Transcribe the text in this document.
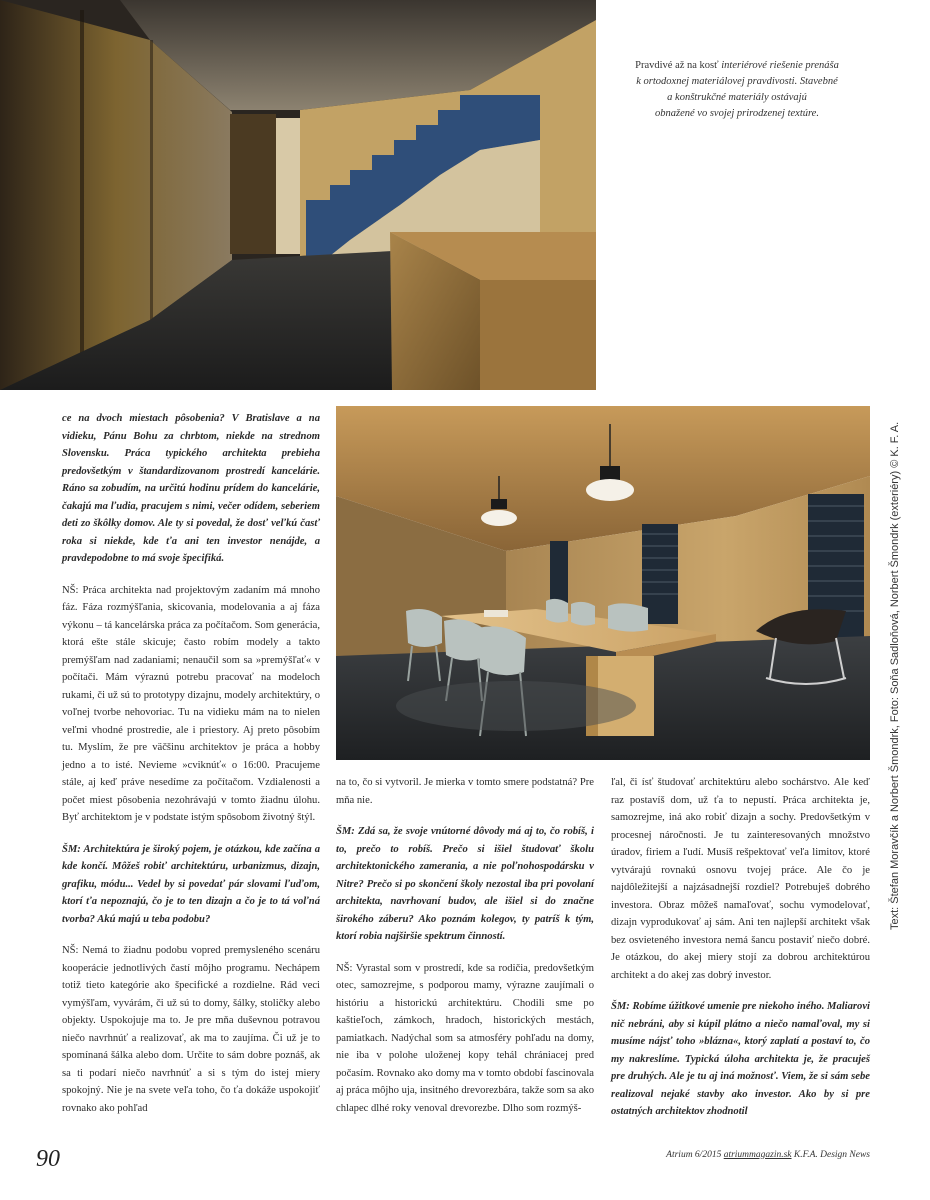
Pravdivé až na kosť interiérové riešenie prenáša
k ortodoxnej materiálovej pravdivosti. Stavebné
a konštrukčné materiály ostávajú
obnažené vo svojej prirodzenej textúre.
Text: Štefan Moravčík a Norbert Šmondrk, Foto: Soňa Sadloňová, Norbert Šmondrk (exteriéry) © K. F. A.

ce na dvoch miestach pôsobenia? V Bratislave a na vidieku, Pánu Bohu za chrbtom, niekde na strednom Slovensku. Práca typického architekta prebieha predovšetkým v štandardizovanom prostredí kancelárie. Ráno sa zobudím, na určitú hodinu prídem do kancelárie, čakajú ma ľudia, pracujem s nimi, večer odídem, seberiem deti zo škôlky domov. Ale ty si povedal, že dosť veľkú časť roka si niekde, kde ťa ani ten investor nenájde, a pravdepodobne to má svoje špecifiká.

NŠ: Práca architekta nad projektovým zadaním má mnoho fáz. Fáza rozmýšľania, skicovania, modelovania a aj fáza výkonu – tá kancelárska práca za počítačom. Som generácia, ktorá ešte stále skicuje; často robím modely a takto premýšľam nad zadaniami; nenaučil som sa »premýšľať« v počítači. Mám výraznú potrebu pracovať na modeloch rukami, či už sú to prototypy dizajnu, modely architektúry, o voľnej tvorbe nehovoriac. Tu na vidieku mám na to nielen veľmi vhodné prostredie, ale i priestory. Aj preto pôsobím tu. Myslím, že pre väčšinu architektov je práca a hobby jedno a to isté. Nevieme »cviknúť« o 16:00. Pracujeme stále, aj keď práve nesedíme za počítačom. Vzdialenosti a počet miest pôsobenia nezohrávajú v tomto žiadnu úlohu. Byť architektom je v podstate istým spôsobom životný štýl.

ŠM: Architektúra je široký pojem, je otázkou, kde začína a kde končí. Môžeš robiť architektúru, urbanizmus, dizajn, grafiku, módu... Vedel by si povedať pár slovami ľuďom, ktorí ťa nepoznajú, čo je to ten dizajn a čo je to tá voľná tvorba? Akú majú u teba podobu?

NŠ: Nemá to žiadnu podobu vopred premysleného scenáru kooperácie jednotlivých častí môjho programu. Nechápem totiž tieto kategórie ako špecifické a rozdielne. Rád veci vymýšľam, vyvárám, či už sú to domy, šálky, stoličky alebo objekty. Uspokojuje ma to. Je pre mňa duševnou potravou niečo navrhnúť a realizovať, ak ma to zaujíma. Či už je to spomínaná šálka alebo dom. Určite to sám dobre poznáš, ak sa ti podarí niečo navrhnúť a si s tým do istej miery spokojný. Nie je na svete veľa toho, čo ťa dokáže uspokojiť rovnako ako pohľad

na to, čo si vytvoril. Je mierka v tomto smere podstatná? Pre mňa nie.

ŠM: Zdá sa, že svoje vnútorné dôvody má aj to, čo robíš, i to, prečo to robíš. Prečo si išiel študovať školu architektonického zamerania, a nie poľnohospodársku v Nitre? Prečo si po skončení školy nezostal iba pri povolaní architekta, navrhovaní budov, ale išiel si do značne širokého záberu? Ako poznám kolegov, ty patríš k tým, ktorí robia najširšie spektrum činností.

NŠ: Vyrastal som v prostredí, kde sa rodičia, predovšetkým otec, samozrejme, s podporou mamy, výrazne zaujímali o históriu a historickú architektúru. Chodili sme po kaštieľoch, zámkoch, hradoch, historických mestách, pamiatkach. Nadýchal som sa atmosféry pohľadu na domy, nie iba v polohe uloženej kopy tehál chrániacej pred počasím. Rovnako ako domy ma v tomto období fascinovala aj práca môjho uja, insitného drevorezbára, takže som sa ako chlapec dlhé roky venoval drevorezbe. Dlho som rozmýš-

ľal, či ísť študovať architektúru alebo sochárstvo. Ale keď raz postavíš dom, už ťa to nepustí. Práca architekta je, samozrejme, iná ako robiť dizajn a sochy. Predovšetkým v procesnej náročnosti. Je tu zainteresovaných množstvo úradov, firiem a ľudí. Musíš rešpektovať veľa limitov, ktoré vytvárajú rovnakú osnovu tvojej práce. Ale čo je najdôležitejší a najzásadnejší rozdiel? Potrebuješ dobrého investora. Obraz môžeš namaľovať, sochu vymodelovať, dizajn vyprodukovať aj sám. Ani ten najlepší architekt však bez osvieteného investora nemá šancu postaviť niečo dobré. Je otázkou, do akej miery stojí za dobrou architektúrou architekt a do akej zas dobrý investor.

ŠM: Robíme úžitkové umenie pre niekoho iného. Maliarovi nič nebráni, aby si kúpil plátno a niečo namaľoval, my si musíme nájsť toho »blázna«, ktorý zaplatí a postaví to, čo my nakreslíme. Typická úloha architekta je, že pracuješ pre druhých. Ale je tu aj iná možnosť. Viem, že si sám sebe realizoval nejaké stavby ako investor. Ako by si pre ostatných architektov zhodnotil

90	Atrium 6/2015 atriummagazin.sk K.F.A. Design News
